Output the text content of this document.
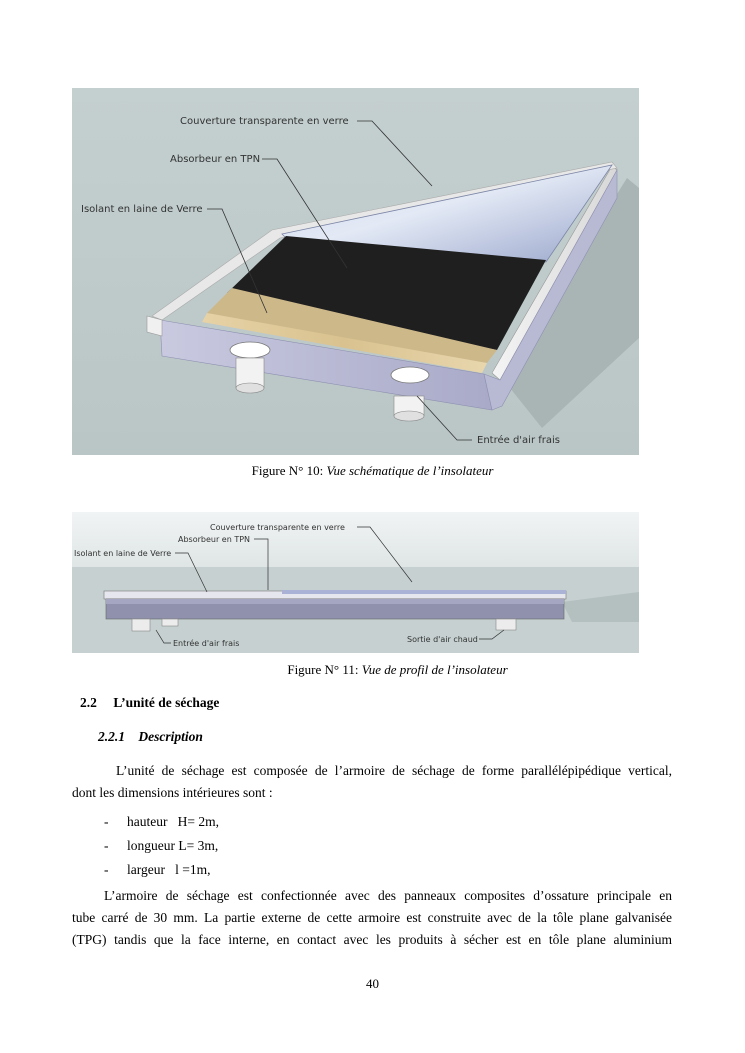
Couverture transparente en verre
Absorbeur en TPN
Isolant en laine de Verre
Entrée d'air frais
Figure N° 10: Vue schématique de l’insolateur
Couverture transparente en verre
Absorbeur en TPN
Isolant en laine de Verre
Entrée d'air frais	Sortie d'air chaud
Figure N° 11: Vue de profil de l’insolateur
2.2 L’unité de séchage
2.2.1 Description
L’unité de séchage est composée de l’armoire de séchage de forme parallélépipédique vertical,
dont les dimensions intérieures sont :
- hauteur   H= 2m,
- longueur L= 3m,
- largeur   l =1m,
L’armoire de séchage est confectionnée avec des panneaux composites d’ossature principale en
tube carré de 30 mm. La partie externe de cette armoire est construite avec de la tôle plane galvanisée
(TPG) tandis que la face interne, en contact avec les produits à sécher est en tôle plane aluminium
40
